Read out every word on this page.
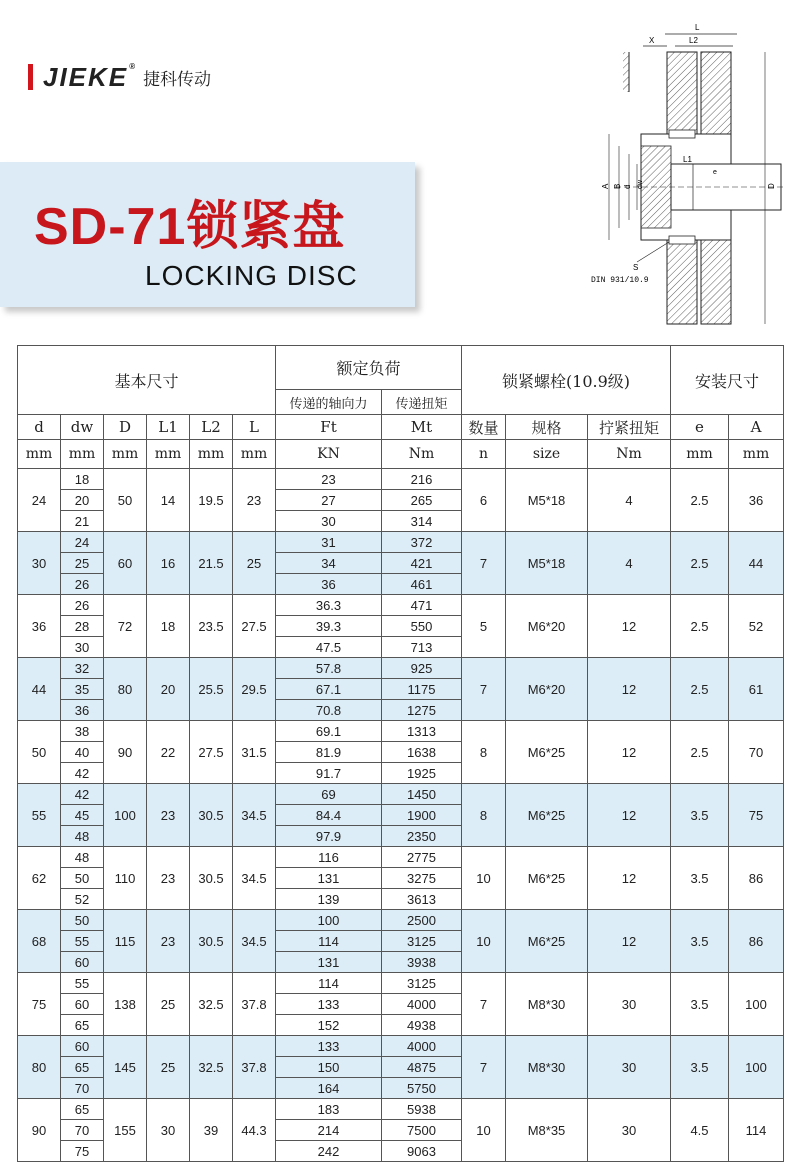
JIEKE®
捷科传动
SD-71锁紧盘
LOCKING DISC
L
X	L2
L1
e
A B d dw	D
S
DIN 931/10.9
基本尺寸						额定负荷		锁紧螺栓(10.9级)			安装尺寸	
						传递的轴向力	传递扭矩					
d	dw	D	L1	L2	L	Ft	Mt	数量	规格	拧紧扭矩	e	A
mm	mm	mm	mm	mm	mm	KN	Nm	n	size	Nm	mm	mm
24	18	50	14	19.5	23	23	216	6	M5*18	4	2.5	36
	20					27	265					
	21					30	314					
30	24	60	16	21.5	25	31	372	7	M5*18	4	2.5	44
	25					34	421					
	26					36	461					
36	26	72	18	23.5	27.5	36.3	471	5	M6*20	12	2.5	52
	28					39.3	550					
	30					47.5	713					
44	32	80	20	25.5	29.5	57.8	925	7	M6*20	12	2.5	61
	35					67.1	1175					
	36					70.8	1275					
50	38	90	22	27.5	31.5	69.1	1313	8	M6*25	12	2.5	70
	40					81.9	1638					
	42					91.7	1925					
55	42	100	23	30.5	34.5	69	1450	8	M6*25	12	3.5	75
	45					84.4	1900					
	48					97.9	2350					
62	48	110	23	30.5	34.5	116	2775	10	M6*25	12	3.5	86
	50					131	3275					
	52					139	3613					
68	50	115	23	30.5	34.5	100	2500	10	M6*25	12	3.5	86
	55					114	3125					
	60					131	3938					
75	55	138	25	32.5	37.8	114	3125	7	M8*30	30	3.5	100
	60					133	4000					
	65					152	4938					
80	60	145	25	32.5	37.8	133	4000	7	M8*30	30	3.5	100
	65					150	4875					
	70					164	5750					
90	65	155	30	39	44.3	183	5938	10	M8*35	30	4.5	114
	70					214	7500					
	75					242	9063					
